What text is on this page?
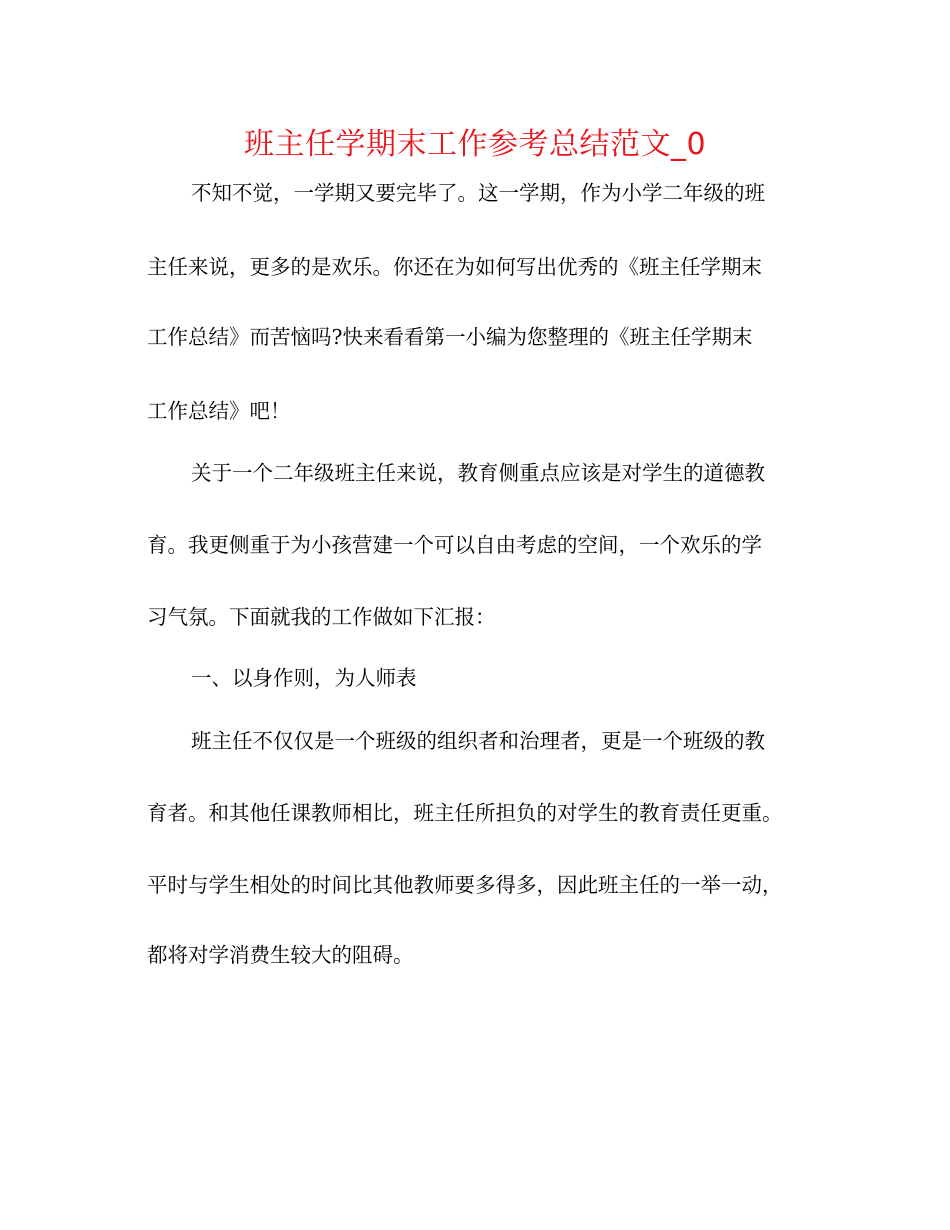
班主任学期末工作参考总结范文_0
不知不觉，一学期又要完毕了。这一学期，作为小学二年级的班
主任来说，更多的是欢乐。你还在为如何写出优秀的《班主任学期末
工作总结》而苦恼吗?快来看看第一小编为您整理的《班主任学期末
工作总结》吧！
关于一个二年级班主任来说，教育侧重点应该是对学生的道德教
育。我更侧重于为小孩营建一个可以自由考虑的空间，一个欢乐的学
习气氛。下面就我的工作做如下汇报：
一、以身作则，为人师表
班主任不仅仅是一个班级的组织者和治理者，更是一个班级的教
育者。和其他任课教师相比，班主任所担负的对学生的教育责任更重。
平时与学生相处的时间比其他教师要多得多，因此班主任的一举一动，
都将对学消费生较大的阻碍。
